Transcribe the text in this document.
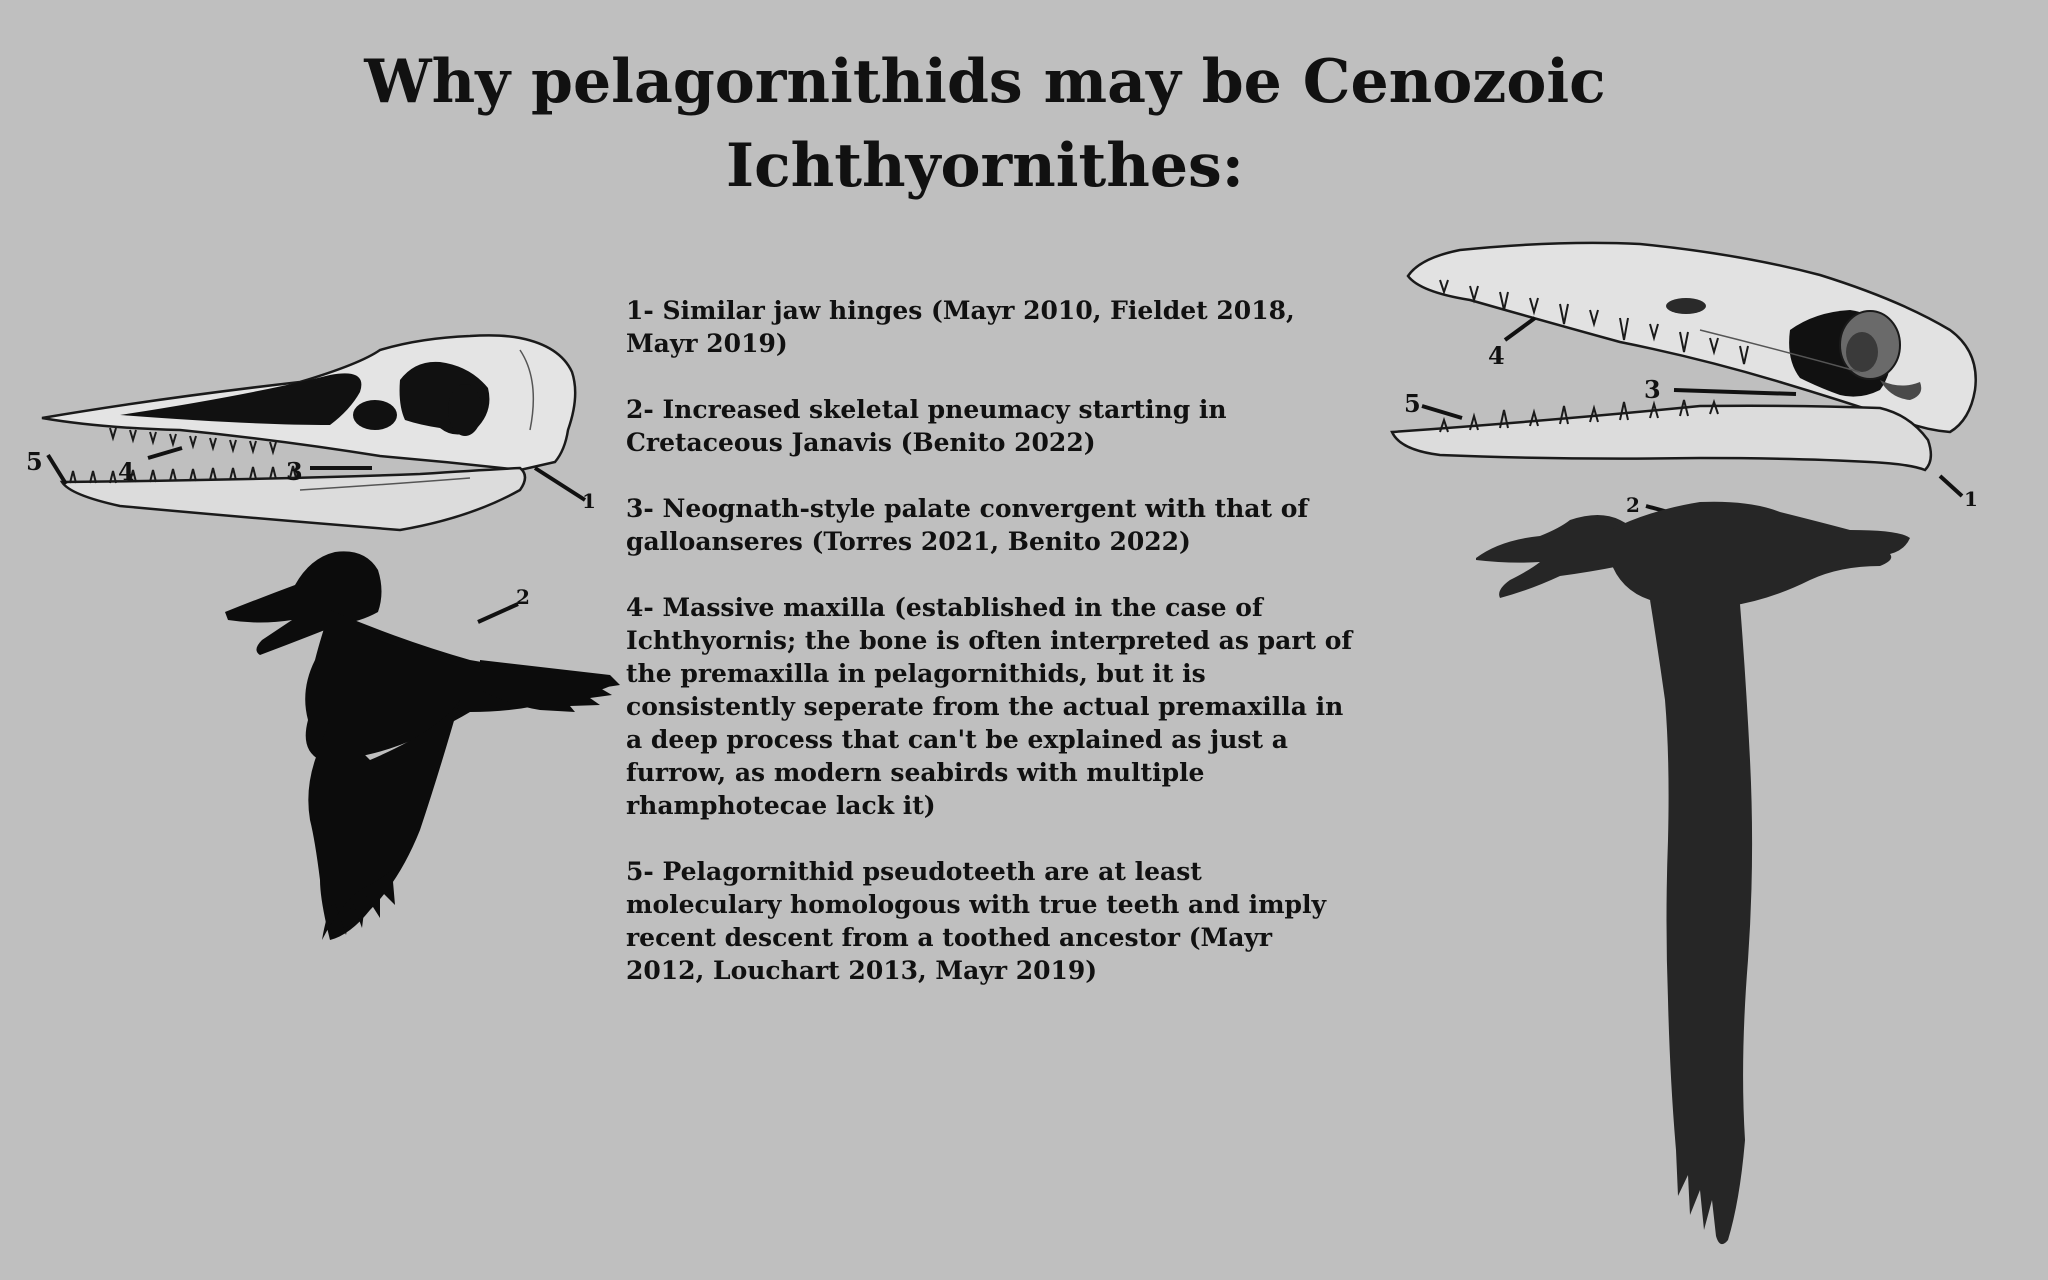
Why pelagornithids may be Cenozoic Ichthyornithes:

1- Similar jaw hinges (Mayr 2010, Fieldet 2018, Mayr 2019)

2- Increased skeletal pneumacy starting in Cretaceous Janavis (Benito 2022)

3- Neognath-style palate convergent with that of galloanseres (Torres 2021, Benito 2022)

4- Massive maxilla (established in the case of Ichthyornis; the bone is often interpreted as part of the premaxilla in pelagornithids, but it is consistently seperate from the actual premaxilla in a deep process that can't be explained as just a furrow, as modern seabirds with multiple rhamphotecae lack it)

5- Pelagornithid pseudoteeth are at least moleculary homologous with true teeth and imply recent descent from a toothed ancestor (Mayr 2012, Louchart 2013, Mayr 2019)

5	4	3
1
2
4
3
5
1
2
